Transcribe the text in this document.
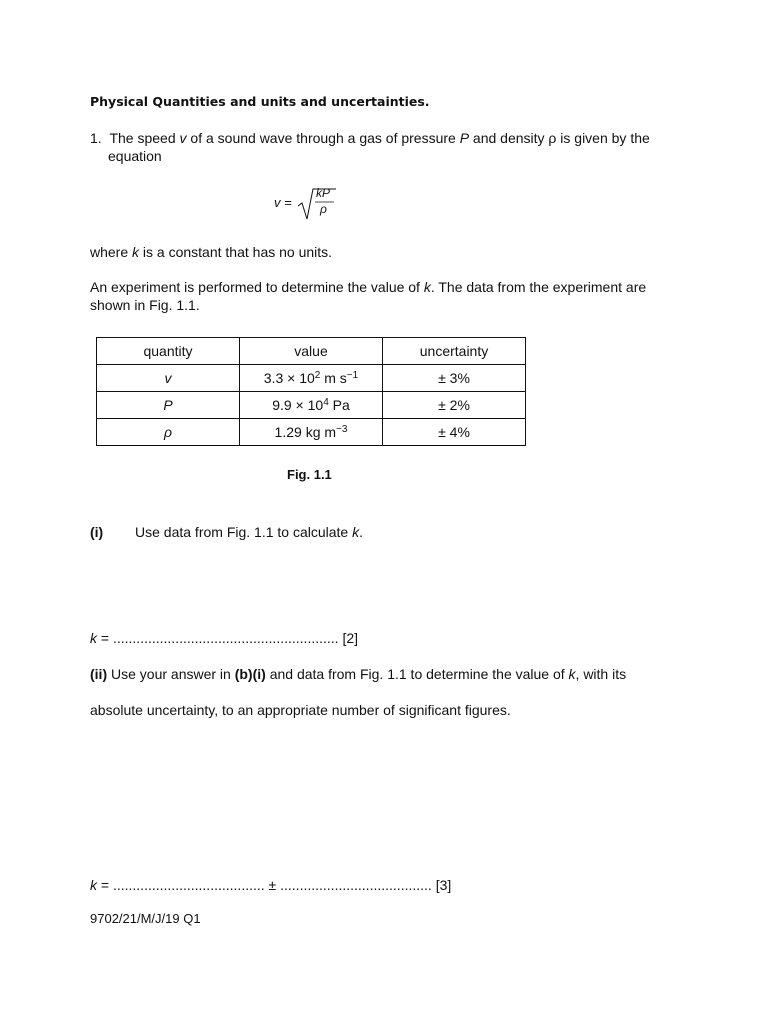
Physical Quantities and units and uncertainties.
1. The speed v of a sound wave through a gas of pressure P and density ρ is given by the
equation
v =
kP
ρ
where k is a constant that has no units.
An experiment is performed to determine the value of k. The data from the experiment are
shown in Fig. 1.1.
quantity	value	uncertainty
v	$3.3 \times 10^2$ m $s^{-1}$	± 3%
P	$9.9 \times 10^4$ Pa	± 2%
ρ	1.29 kg $m^{-3}$	± 4%
Fig. 1.1
(i) Use data from Fig. 1.1 to calculate k.
k = .......................................................... [2]
(ii) Use your answer in (b)(i) and data from Fig. 1.1 to determine the value of k, with its
absolute uncertainty, to an appropriate number of significant figures.
k = ....................................... ± ....................................... [3]
9702/21/M/J/19 Q1
